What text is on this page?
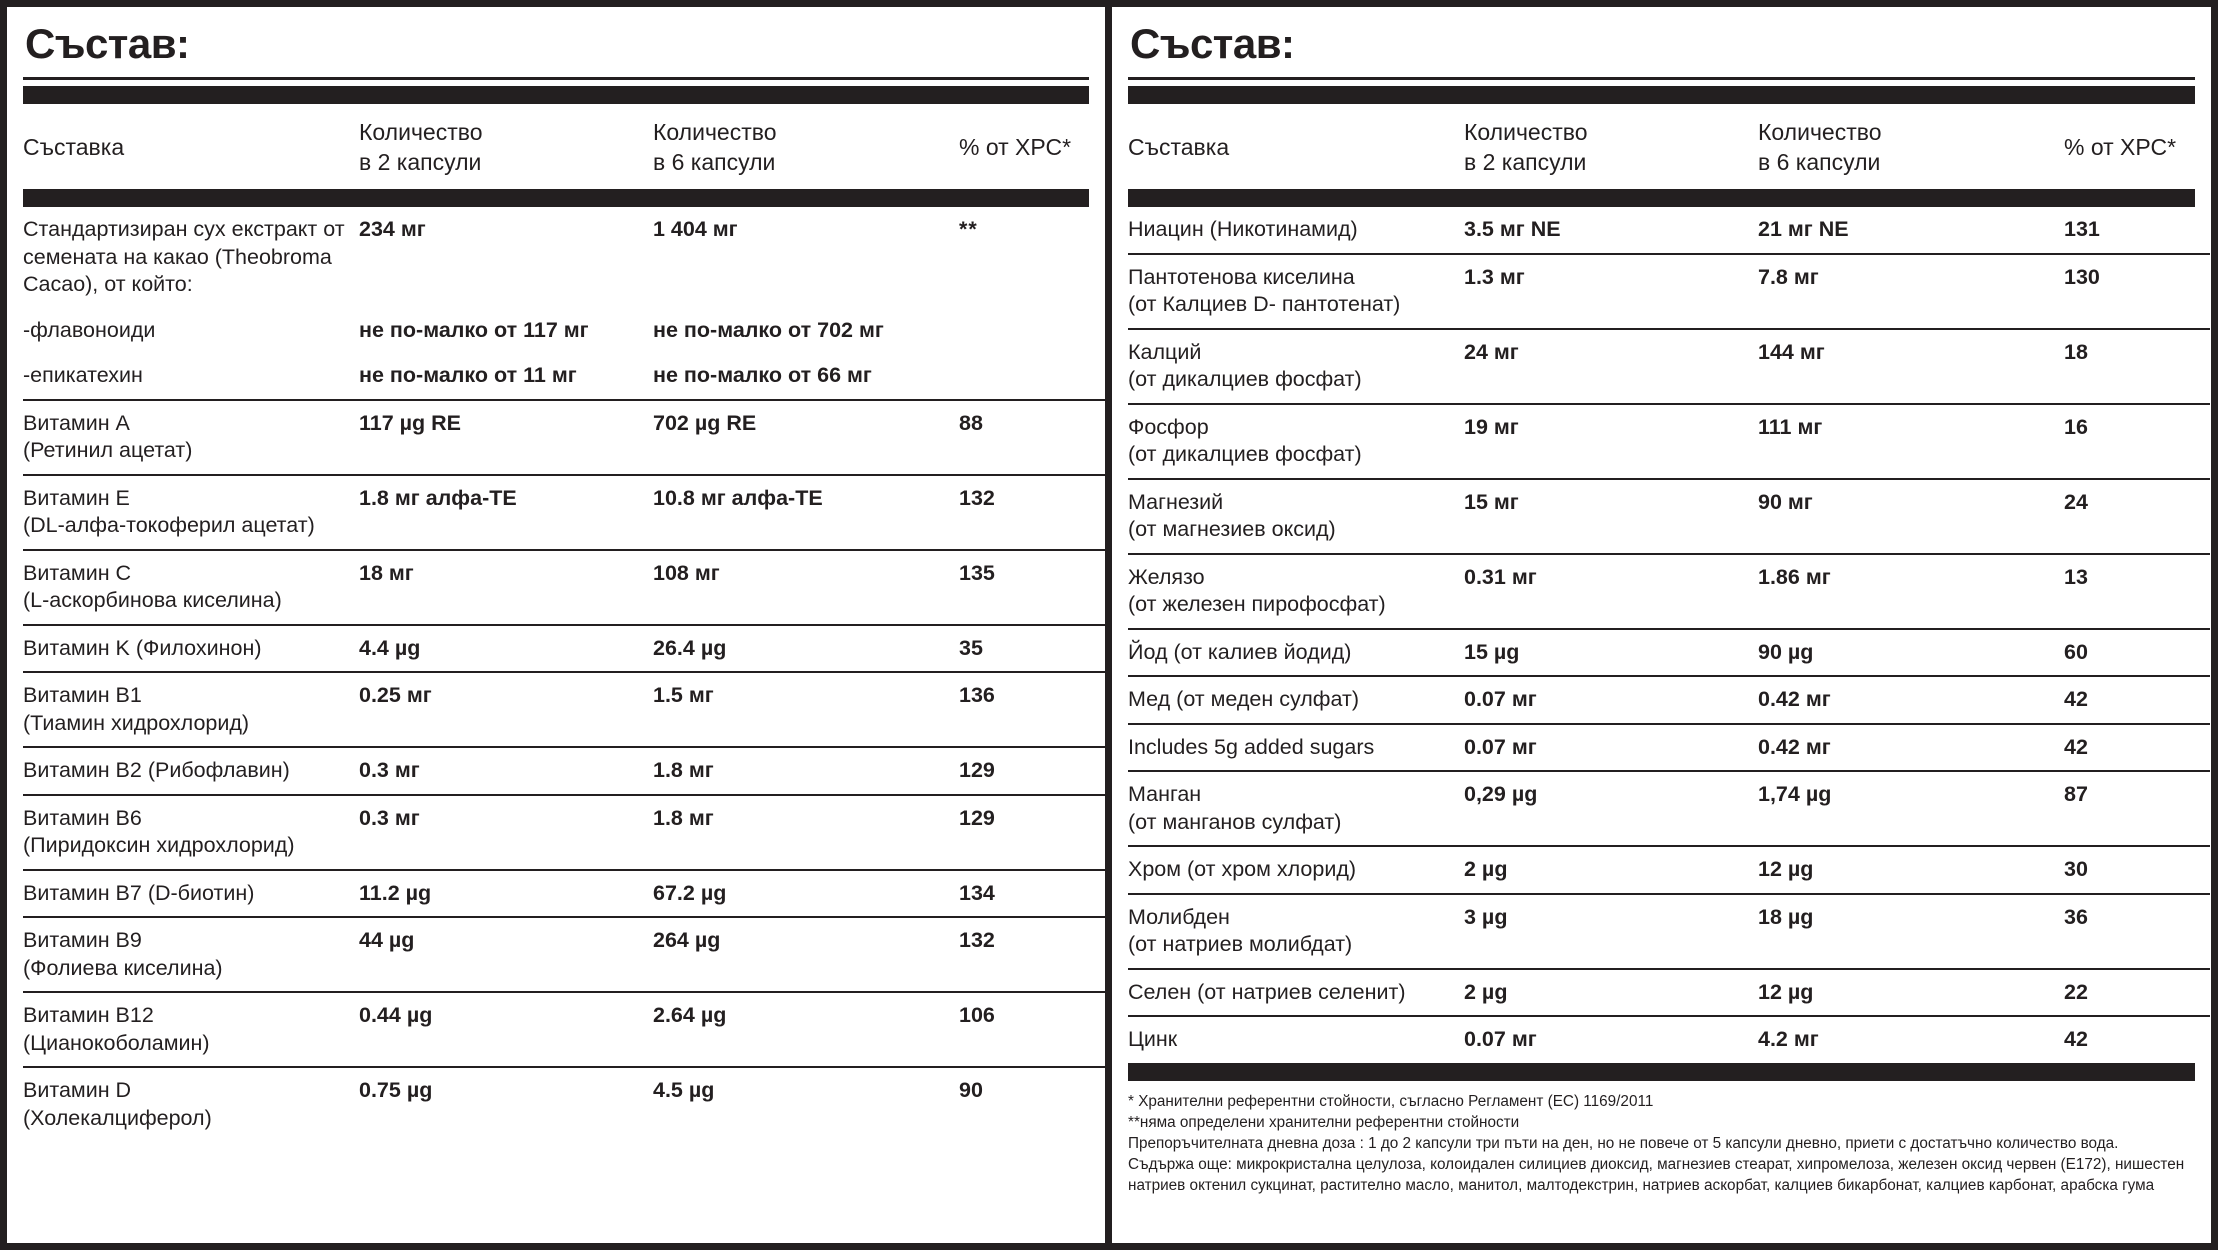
Състав:
Съставка	Количество
в 2 капсули
	Количество
в 6 капсули
	% от ХРС*
Стандартизиран сух екстракт от семената на какао (Theobroma Cacao), от който:	234 мг	1 404 мг	**
-флавоноиди	не по-малко от 117 мг	не по-малко от 702 мг	
-епикатехин	не по-малко от 11 мг	не по-малко от 66 мг	
Витамин A
(Ретинил ацетат)	117 µg RE	702 µg RE	88
Витамин E
(DL-алфа-токоферил ацетат)	1.8 мг алфа-TE	10.8 мг алфа-TE	132
Витамин C
(L-аскорбинова киселина)	18 мг	108 мг	135
Витамин K (Филохинон)	4.4 µg	26.4 µg	35
Витамин B1
(Тиамин хидрохлорид)	0.25 мг	1.5 мг	136
Витамин B2 (Рибофлавин)	0.3 мг	1.8 мг	129
Витамин B6
(Пиридоксин хидрохлорид)	0.3 мг	1.8 мг	129
Витамин B7 (D-биотин)	11.2 µg	67.2 µg	134
Витамин B9
(Фолиева киселина)	44 µg	264 µg	132
Витамин B12
(Цианокоболамин)	0.44 µg	2.64 µg	106
Витамин D
(Холекалциферол)	0.75 µg	4.5 µg	90
Състав:
Съставка	Количество
в 2 капсули
	Количество
в 6 капсули
	% от ХРС*
Ниацин (Никотинамид)	3.5 мг NE	21 мг NE	131
Пантотенова киселина
(от Калциев D- пантотенат)	1.3 мг	7.8 мг	130
Калций
(от дикалциев фосфат)	24 мг	144 мг	18
Фосфор
(от дикалциев фосфат)	19 мг	111 мг	16
Магнезий
(от магнезиев оксид)	15 мг	90 мг	24
Желязо
(от железен пирофосфат)	0.31 мг	1.86 мг	13
Йод (от калиев йодид)	15 µg	90 µg	60
Мед (от меден сулфат)	0.07 мг	0.42 мг	42
Includes 5g added sugars	0.07 мг	0.42 мг	42
Манган
(от манганов сулфат)	0,29 µg	1,74 µg	87
Хром (от хром хлорид)	2 µg	12 µg	30
Молибден
(от натриев молибдат)	3 µg	18 µg	36
Селен (от натриев селенит)	2 µg	12 µg	22
Цинк	0.07 мг	4.2 мг	42

* Хранителни референтни стойности, съгласно Регламент (ЕС) 1169/2011

**няма определени хранителни референтни стойности

Препоръчителната дневна доза : 1 до 2 капсули три пъти на ден, но не повече от 5 капсули дневно, приети с достатъчно количество вода.

Съдържа още: микрокристална целулоза, колоидален силициев диоксид, магнезиев стеарат, хипромелоза, железен оксид червен (E172), нишестен натриев октенил сукцинат, растително масло, манитол, малтодекстрин, натриев аскорбат, калциев бикарбонат, калциев карбонат, арабска гума
